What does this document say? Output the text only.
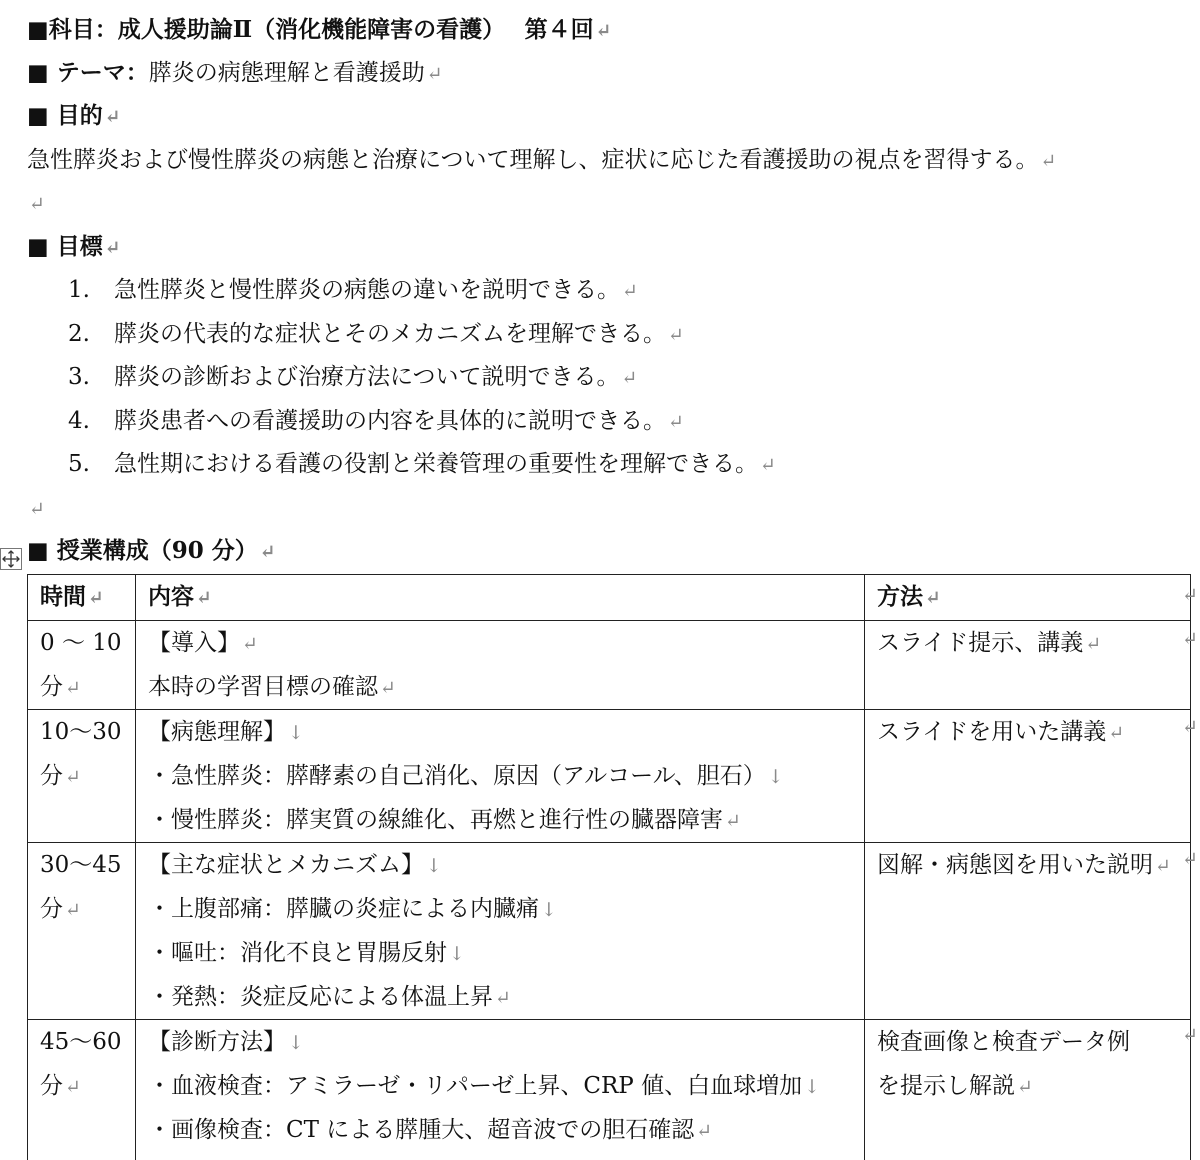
■科目：成人援助論Ⅱ（消化機能障害の看護）　 第４回 ↵
■ テーマ：膵炎の病態理解と看護援助 ↵
■ 目的 ↵
急性膵炎および慢性膵炎の病態と治療について理解し、症状に応じた看護援助の視点を習得する。 ↵
↵
■ 目標 ↵
1. 急性膵炎と慢性膵炎の病態の違いを説明できる。 ↵
2. 膵炎の代表的な症状とそのメカニズムを理解できる。 ↵
3. 膵炎の診断および治療方法について説明できる。 ↵
4. 膵炎患者への看護援助の内容を具体的に説明できる。 ↵
5. 急性期における看護の役割と栄養管理の重要性を理解できる。 ↵
↵
■ 授業構成（90 分） ↵
時間 ↵	内容 ↵	方法 ↵

0 ～ 10
分 ↵	【導入】 ↵
本時の学習目標の確認 ↵	スライド提示、講義 ↵

10～30
分 ↵	【病態理解】 ↓
・急性膵炎：膵酵素の自己消化、原因（アルコール、胆石） ↓
・慢性膵炎：膵実質の線維化、再燃と進行性の臓器障害 ↵	スライドを用いた講義 ↵

30～45
分 ↵	【主な症状とメカニズム】 ↓
・上腹部痛：膵臓の炎症による内臓痛 ↓
・嘔吐：消化不良と胃腸反射 ↓
・発熱：炎症反応による体温上昇 ↵	図解・病態図を用いた説明 ↵

45～60
分 ↵	【診断方法】 ↓
・血液検査：アミラーゼ・リパーゼ上昇、CRP 値、白血球増加 ↓
・画像検査：CT による膵腫大、超音波での胆石確認 ↵	検査画像と検査データ例
を提示し解説 ↵
↵
↵
↵
↵
↵
